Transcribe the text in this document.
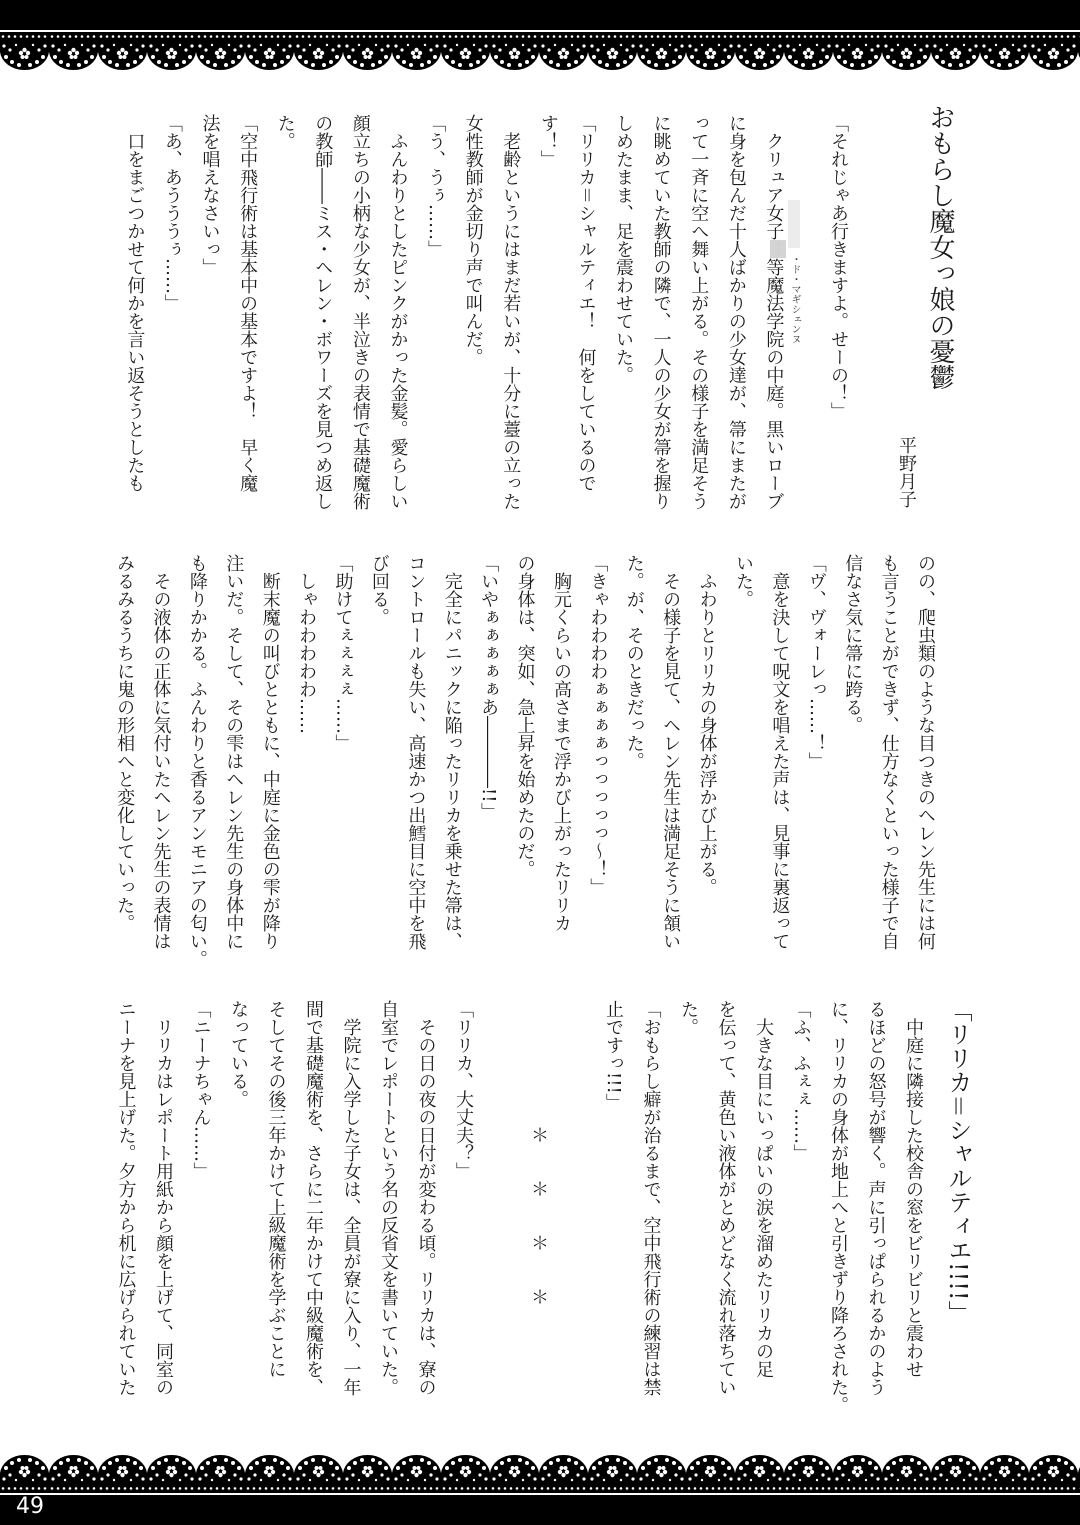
おもらし魔女っ娘の憂鬱
平野月子
「それじゃあ行きますよ。せーの！」
　クリュア女子[MASK]等魔法学院の中庭。黒いローブ
に身を包んだ十人ばかりの少女達が、箒にまたが
って一斉に空へ舞い上がる。その様子を満足そう
に眺めていた教師の隣で、一人の少女が箒を握り
しめたまま、足を震わせていた。
「リリカ＝シャルティエ！　何をしているので
す！」
　老齢というにはまだ若いが、十分に薹の立った
女性教師が金切り声で叫んだ。
「う、うぅ……」
　ふんわりとしたピンクがかった金髪。愛らしい
顔立ちの小柄な少女が、半泣きの表情で基礎魔術
の教師――ミス・ヘレン・ボワーズを見つめ返し
た。
「空中飛行術は基本中の基本ですよ！　早く魔
法を唱えなさいっ」
「あ、あうううぅ……」
　口をまごつかせて何かを言い返そうとしたも	・ド・マギシェンヌ
のの、爬虫類のような目つきのヘレン先生には何
も言うことができず、仕方なくといった様子で自
信なさ気に箒に跨る。
「ヴ、ヴォーレっ……！」
　意を決して呪文を唱えた声は、見事に裏返って
いた。
　ふわりとリリカの身体が浮かび上がる。
　その様子を見て、ヘレン先生は満足そうに頷い
た。が、そのときだった。
「きゃわわわわぁぁぁぁっっっっっ～！」
　胸元くらいの高さまで浮かび上がったリリカ
の身体は、突如、急上昇を始めたのだ。
「いやぁぁぁぁぁあ――――!!」
　完全にパニックに陥ったリリカを乗せた箒は、
コントロールも失い、高速かつ出鱈目に空中を飛
び回る。
「助けてぇぇぇぇ……」
　しゃわわわわわ……
　断末魔の叫びとともに、中庭に金色の雫が降り
注いだ。そして、その雫はヘレン先生の身体中に
も降りかかる。ふんわりと香るアンモニアの匂い。
　その液体の正体に気付いたヘレン先生の表情は
みるみるうちに鬼の形相へと変化していった。
「リリカ＝シャルティエ!!!!」
　中庭に隣接した校舎の窓をビリビリと震わせ
るほどの怒号が響く。声に引っぱられるかのよう
に、リリカの身体が地上へと引きずり降ろされた。
「ふ、ふぇぇ……」
　大きな目にいっぱいの涙を溜めたリリカの足
を伝って、黄色い液体がとめどなく流れ落ちてい
た。
「おもらし癖が治るまで、空中飛行術の練習は禁
止ですっ!!!」

　　　　　　　＊　　＊　　＊　　＊

「リリカ、大丈夫？」
　その日の夜の日付が変わる頃。リリカは、寮の
自室でレポートという名の反省文を書いていた。
　学院に入学した子女は、全員が寮に入り、一年
間で基礎魔術を、さらに二年かけて中級魔術を、
そしてその後三年かけて上級魔術を学ぶことに
なっている。
「ニーナちゃん……」
　リリカはレポート用紙から顔を上げて、同室の
ニーナを見上げた。夕方から机に広げられていた
49
